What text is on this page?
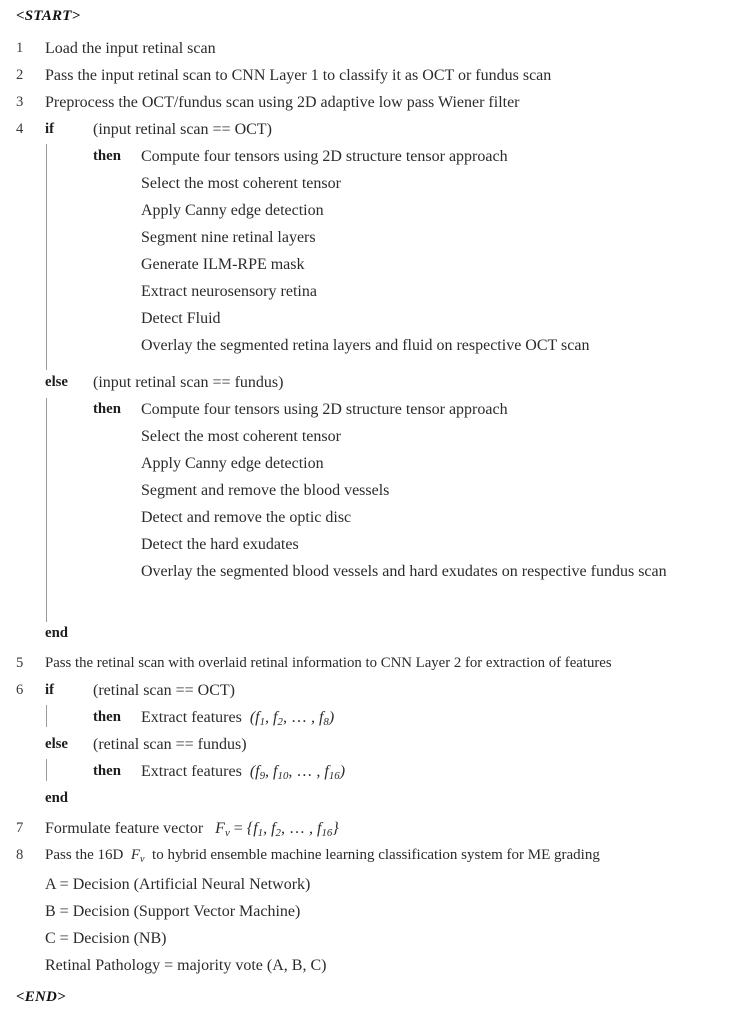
<START>
1	Load the input retinal scan
2	Pass the input retinal scan to CNN Layer 1 to classify it as OCT or fundus scan
3	Preprocess the OCT/fundus scan using 2D adaptive low pass Wiener filter
4	if (input retinal scan == OCT)
then Compute four tensors using 2D structure tensor approach
Select the most coherent tensor
Apply Canny edge detection
Segment nine retinal layers
Generate ILM-RPE mask
Extract neurosensory retina
Detect Fluid
Overlay the segmented retina layers and fluid on respective OCT scan
else (input retinal scan == fundus)
then Compute four tensors using 2D structure tensor approach
Select the most coherent tensor
Apply Canny edge detection
Segment and remove the blood vessels
Detect and remove the optic disc
Detect the hard exudates
Overlay the segmented blood vessels and hard exudates on respective fundus scan
end
5	Pass the retinal scan with overlaid retinal information to CNN Layer 2 for extraction of features
6	if (retinal scan == OCT)
then Extract features  ($f_1$, $f_2$, … , $f_8$)
else (retinal scan == fundus)
then Extract features  ($f_9$, $f_{10}$, … , $f_{16}$)
end
7	Formulate feature vector   $F_v = \{f_1$, $f_2$, … , $f_{16}$}
8	Pass the 16D  $F_v$ to hybrid ensemble machine learning classification system for ME grading
A = Decision (Artificial Neural Network)
B = Decision (Support Vector Machine)
C = Decision (NB)
Retinal Pathology = majority vote (A, B, C)
<END>
